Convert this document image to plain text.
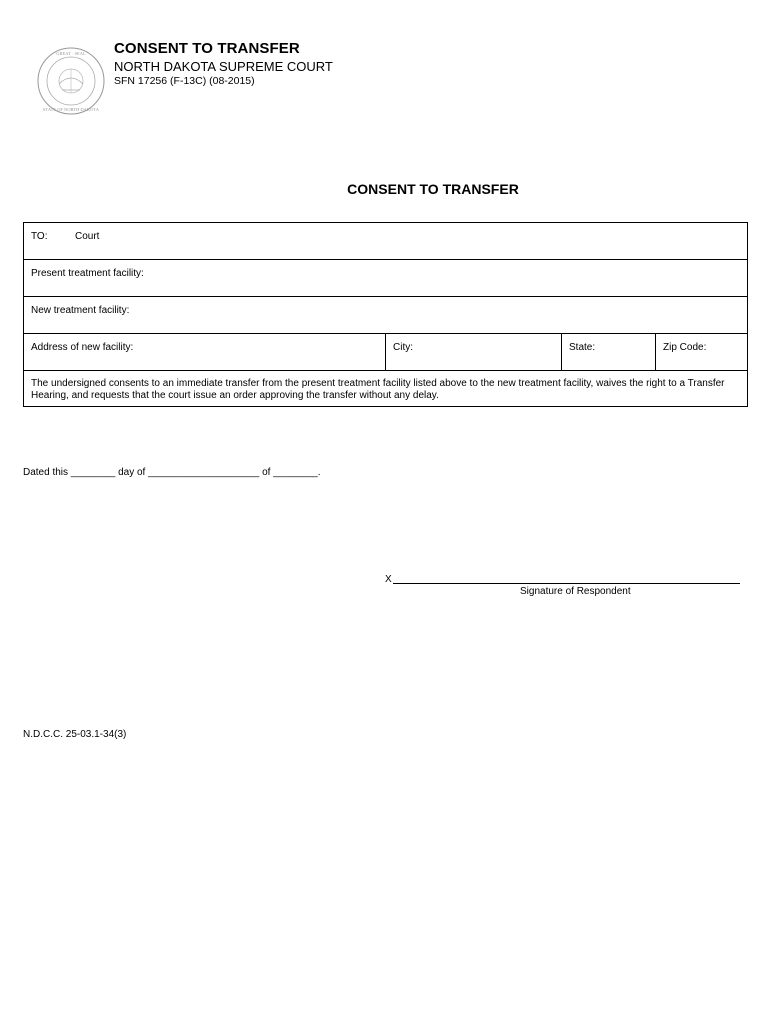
GREAT · SEAL
STATE OF NORTH DAKOTA
CONSENT TO TRANSFER
NORTH DAKOTA SUPREME COURT
SFN 17256 (F-13C) (08-2015)
CONSENT TO TRANSFER
TO:	Court
Present treatment facility:
New treatment facility:
Address of new facility:	City:	State:	Zip Code:
The undersigned consents to an immediate transfer from the present treatment facility listed above to the new treatment facility, waives the right to a Transfer Hearing, and requests that the court issue an order approving the transfer without any delay.
Dated this ________ day of ____________________ of ________.
X
Signature of Respondent
N.D.C.C. 25-03.1-34(3)
